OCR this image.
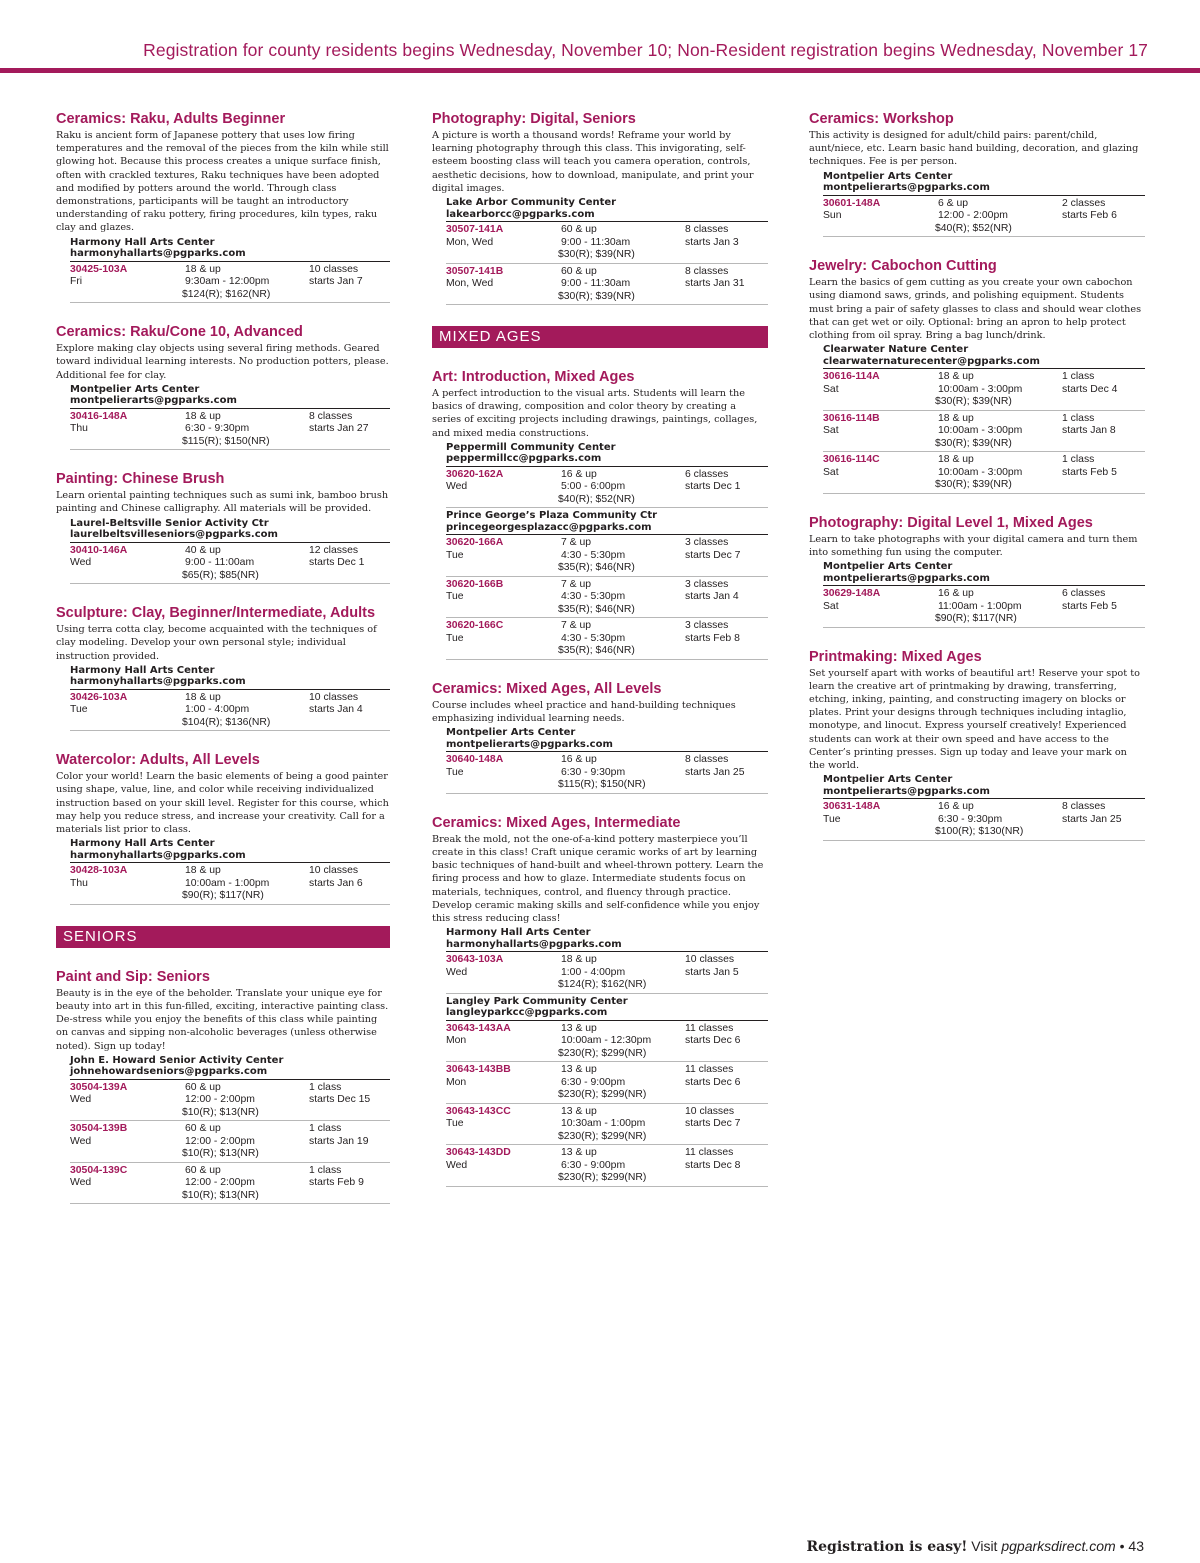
Registration for county residents begins Wednesday, November 10; Non-Resident registration begins Wednesday, November 17
Ceramics: Raku, Adults Beginner
Raku is ancient form of Japanese pottery that uses low firing temperatures and the removal of the pieces from the kiln while still glowing hot. Because this process creates a unique surface finish, often with crackled textures, Raku techniques have been adopted and modified by potters around the world. Through class demonstrations, participants will be taught an introductory understanding of raku pottery, firing procedures, kiln types, raku clay and glazes.
Harmony Hall Arts Center
harmonyhallarts@pgparks.com
30425-103A
Fri
18 & up
9:30am - 12:00pm
$124(R); $162(NR)
10 classes
starts Jan 7
Ceramics: Raku/Cone 10, Advanced
Explore making clay objects using several firing methods. Geared toward individual learning interests. No production potters, please. Additional fee for clay.
Montpelier Arts Center
montpelierarts@pgparks.com
30416-148A
Thu
18 & up
6:30 - 9:30pm
$115(R); $150(NR)
8 classes
starts Jan 27
Painting: Chinese Brush
Learn oriental painting techniques such as sumi ink, bamboo brush painting and Chinese calligraphy. All materials will be provided.
Laurel-Beltsville Senior Activity Ctr
laurelbeltsvilleseniors@pgparks.com
30410-146A
Wed
40 & up
9:00 - 11:00am
$65(R); $85(NR)
12 classes
starts Dec 1
Sculpture: Clay, Beginner/Intermediate, Adults
Using terra cotta clay, become acquainted with the techniques of clay modeling. Develop your own personal style; individual instruction provided.
Harmony Hall Arts Center
harmonyhallarts@pgparks.com
30426-103A
Tue
18 & up
1:00 - 4:00pm
$104(R); $136(NR)
10 classes
starts Jan 4
Watercolor: Adults, All Levels
Color your world! Learn the basic elements of being a good painter using shape, value, line, and color while receiving individualized instruction based on your skill level. Register for this course, which may help you reduce stress, and increase your creativity. Call for a materials list prior to class.
Harmony Hall Arts Center
harmonyhallarts@pgparks.com
30428-103A
Thu
18 & up
10:00am - 1:00pm
$90(R); $117(NR)
10 classes
starts Jan 6
SENIORS
Paint and Sip: Seniors
Beauty is in the eye of the beholder. Translate your unique eye for beauty into art in this fun-filled, exciting, interactive painting class. De-stress while you enjoy the benefits of this class while painting on canvas and sipping non-alcoholic beverages (unless otherwise noted). Sign up today!
John E. Howard Senior Activity Center
johnehowardseniors@pgparks.com
30504-139A
Wed
60 & up
12:00 - 2:00pm
$10(R); $13(NR)
1 class
starts Dec 15
30504-139B
Wed
60 & up
12:00 - 2:00pm
$10(R); $13(NR)
1 class
starts Jan 19
30504-139C
Wed
60 & up
12:00 - 2:00pm
$10(R); $13(NR)
1 class
starts Feb 9
Photography: Digital, Seniors
A picture is worth a thousand words! Reframe your world by learning photography through this class. This invigorating, self-esteem boosting class will teach you camera operation, controls, aesthetic decisions, how to download, manipulate, and print your digital images.
Lake Arbor Community Center
lakearborcc@pgparks.com
30507-141A
Mon, Wed
60 & up
9:00 - 11:30am
$30(R); $39(NR)
8 classes
starts Jan 3
30507-141B
Mon, Wed
60 & up
9:00 - 11:30am
$30(R); $39(NR)
8 classes
starts Jan 31
MIXED AGES
Art: Introduction, Mixed Ages
A perfect introduction to the visual arts. Students will learn the basics of drawing, composition and color theory by creating a series of exciting projects including drawings, paintings, collages, and mixed media constructions.
Peppermill Community Center
peppermillcc@pgparks.com
30620-162A
Wed
16 & up
5:00 - 6:00pm
$40(R); $52(NR)
6 classes
starts Dec 1
Prince George’s Plaza Community Ctr
princegeorgesplazacc@pgparks.com
30620-166A
Tue
7 & up
4:30 - 5:30pm
$35(R); $46(NR)
3 classes
starts Dec 7
30620-166B
Tue
7 & up
4:30 - 5:30pm
$35(R); $46(NR)
3 classes
starts Jan 4
30620-166C
Tue
7 & up
4:30 - 5:30pm
$35(R); $46(NR)
3 classes
starts Feb 8
Ceramics: Mixed Ages, All Levels
Course includes wheel practice and hand-building techniques emphasizing individual learning needs.
Montpelier Arts Center
montpelierarts@pgparks.com
30640-148A
Tue
16 & up
6:30 - 9:30pm
$115(R); $150(NR)
8 classes
starts Jan 25
Ceramics: Mixed Ages, Intermediate
Break the mold, not the one-of-a-kind pottery masterpiece you’ll create in this class! Craft unique ceramic works of art by learning basic techniques of hand-built and wheel-thrown pottery. Learn the firing process and how to glaze. Intermediate students focus on materials, techniques, control, and fluency through practice. Develop ceramic making skills and self-confidence while you enjoy this stress reducing class!
Harmony Hall Arts Center
harmonyhallarts@pgparks.com
30643-103A
Wed
18 & up
1:00 - 4:00pm
$124(R); $162(NR)
10 classes
starts Jan 5
Langley Park Community Center
langleyparkcc@pgparks.com
30643-143AA
Mon
13 & up
10:00am - 12:30pm
$230(R); $299(NR)
11 classes
starts Dec 6
30643-143BB
Mon
13 & up
6:30 - 9:00pm
$230(R); $299(NR)
11 classes
starts Dec 6
30643-143CC
Tue
13 & up
10:30am - 1:00pm
$230(R); $299(NR)
10 classes
starts Dec 7
30643-143DD
Wed
13 & up
6:30 - 9:00pm
$230(R); $299(NR)
11 classes
starts Dec 8
Ceramics: Workshop
This activity is designed for adult/child pairs: parent/child, aunt/niece, etc. Learn basic hand building, decoration, and glazing techniques. Fee is per person.
Montpelier Arts Center
montpelierarts@pgparks.com
30601-148A
Sun
6 & up
12:00 - 2:00pm
$40(R); $52(NR)
2 classes
starts Feb 6
Jewelry: Cabochon Cutting
Learn the basics of gem cutting as you create your own cabochon using diamond saws, grinds, and polishing equipment. Students must bring a pair of safety glasses to class and should wear clothes that can get wet or oily. Optional: bring an apron to help protect clothing from oil spray. Bring a bag lunch/drink.
Clearwater Nature Center
clearwaternaturecenter@pgparks.com
30616-114A
Sat
18 & up
10:00am - 3:00pm
$30(R); $39(NR)
1 class
starts Dec 4
30616-114B
Sat
18 & up
10:00am - 3:00pm
$30(R); $39(NR)
1 class
starts Jan 8
30616-114C
Sat
18 & up
10:00am - 3:00pm
$30(R); $39(NR)
1 class
starts Feb 5
Photography: Digital Level 1, Mixed Ages
Learn to take photographs with your digital camera and turn them into something fun using the computer.
Montpelier Arts Center
montpelierarts@pgparks.com
30629-148A
Sat
16 & up
11:00am - 1:00pm
$90(R); $117(NR)
6 classes
starts Feb 5
Printmaking: Mixed Ages
Set yourself apart with works of beautiful art! Reserve your spot to learn the creative art of printmaking by drawing, transferring, etching, inking, painting, and constructing imagery on blocks or plates. Print your designs through techniques including intaglio, monotype, and linocut. Express yourself creatively! Experienced students can work at their own speed and have access to the Center’s printing presses. Sign up today and leave your mark on the world.
Montpelier Arts Center
montpelierarts@pgparks.com
30631-148A
Tue
16 & up
6:30 - 9:30pm
$100(R); $130(NR)
8 classes
starts Jan 25
Registration is easy! Visit pgparksdirect.com • 43
